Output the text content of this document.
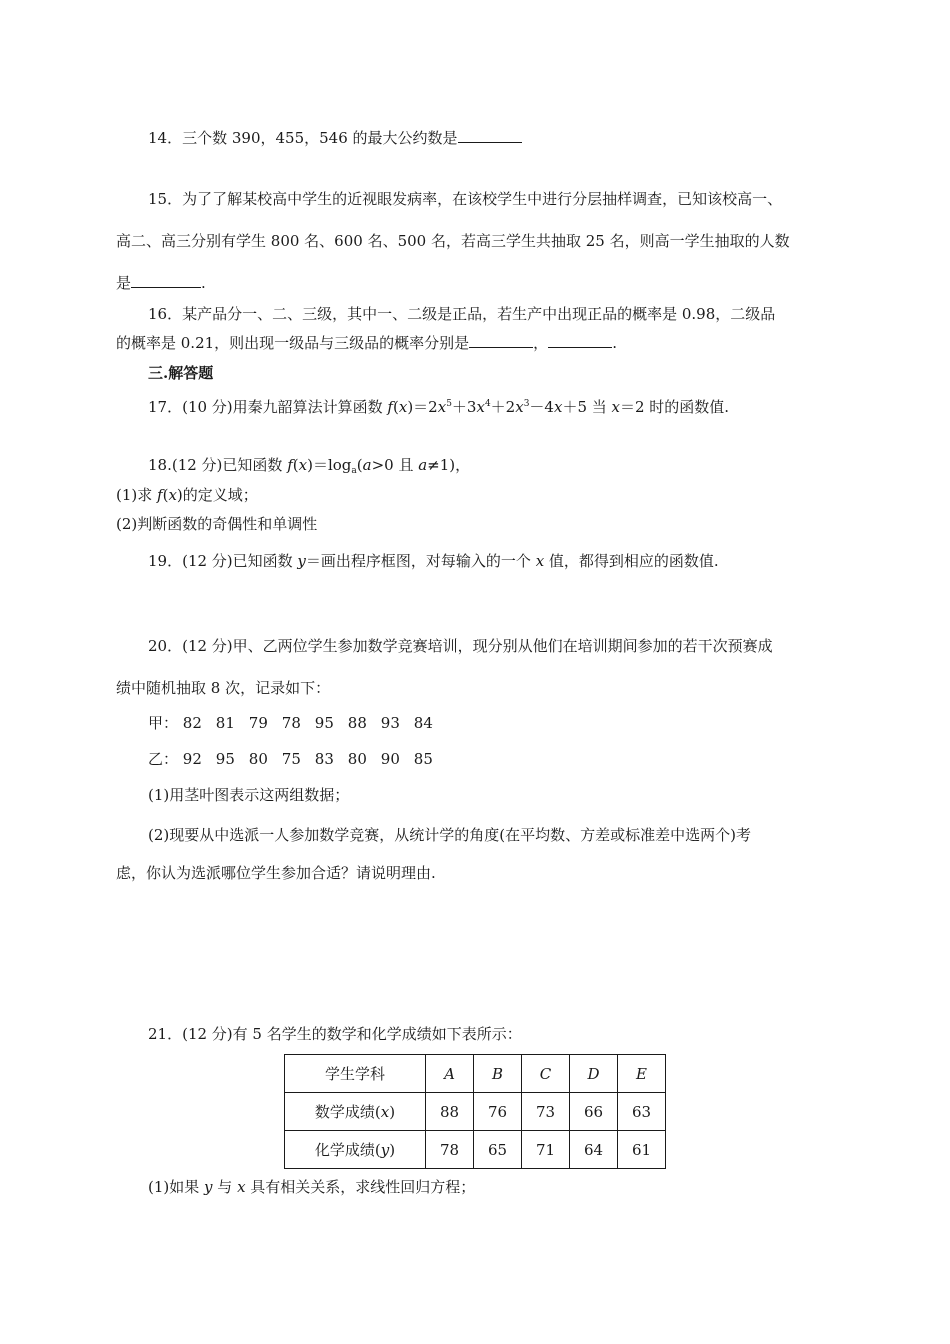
14．三个数 390，455，546 的最大公约数是
15．为了了解某校高中学生的近视眼发病率，在该校学生中进行分层抽样调查，已知该校高一、
高二、高三分别有学生 800 名、600 名、500 名，若高三学生共抽取 25 名，则高一学生抽取的人数
是	.
16．某产品分一、二、三级，其中一、二级是正品，若生产中出现正品的概率是 0.98，二级品
的概率是 0.21，则出现一级品与三级品的概率分别是	，	.
三.解答题
17．(10 分)用秦九韶算法计算函数 $f(x)=2x^5+3x^4+2x^3-4x+5$ 当 x＝2 时的函数值.
18.(12 分)已知函数 $f(x)=\log_a(a>0$ 且 a≠1)，
(1)求 f(x)的定义域；
(2)判断函数的奇偶性和单调性
19．(12 分)已知函数 y＝画出程序框图，对每输入的一个 x 值，都得到相应的函数值.
20．(12 分)甲、乙两位学生参加数学竞赛培训，现分别从他们在培训期间参加的若干次预赛成
绩中随机抽取 8 次，记录如下：
甲： 82 81 79 78 95 88 93 84
乙： 92 95 80 75 83 80 90 85
(1)用茎叶图表示这两组数据；
(2)现要从中选派一人参加数学竞赛，从统计学的角度(在平均数、方差或标准差中选两个)考
虑，你认为选派哪位学生参加合适？请说明理由.
21．(12 分)有 5 名学生的数学和化学成绩如下表所示：
学生学科	A	B	C	D	E
数学成绩(x)	88	76	73	66	63
化学成绩(y)	78	65	71	64	61
(1)如果 y 与 x 具有相关关系，求线性回归方程；
